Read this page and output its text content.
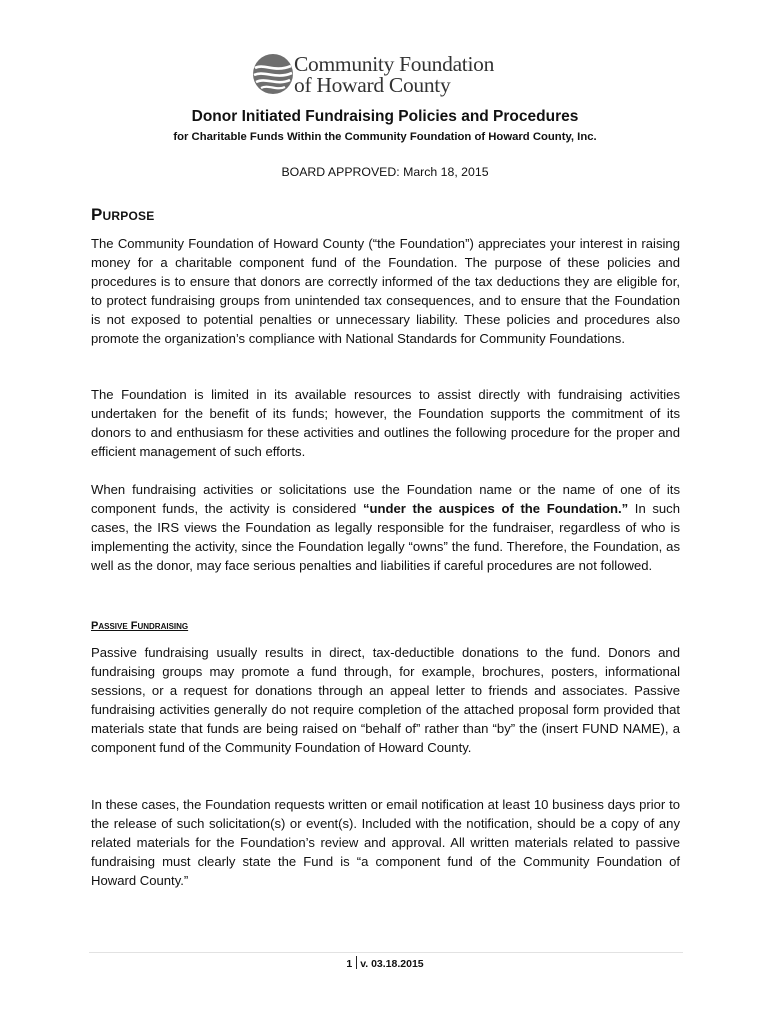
Community Foundation
of Howard County
Donor Initiated Fundraising Policies and Procedures

for Charitable Funds Within the Community Foundation of Howard County, Inc.

BOARD APPROVED: March 18, 2015

Purpose

The Community Foundation of Howard County (“the Foundation”) appreciates your interest in raising money for a charitable component fund of the Foundation. The purpose of these policies and procedures is to ensure that donors are correctly informed of the tax deductions they are eligible for, to protect fundraising groups from unintended tax consequences, and to ensure that the Foundation is not exposed to potential penalties or unnecessary liability. These policies and procedures also promote the organization’s compliance with National Standards for Community Foundations.

The Foundation is limited in its available resources to assist directly with fundraising activities undertaken for the benefit of its funds; however, the Foundation supports the commitment of its donors to and enthusiasm for these activities and outlines the following procedure for the proper and efficient management of such efforts.

When fundraising activities or solicitations use the Foundation name or the name of one of its component funds, the activity is considered “under the auspices of the Foundation.” In such cases, the IRS views the Foundation as legally responsible for the fundraiser, regardless of who is implementing the activity, since the Foundation legally “owns” the fund. Therefore, the Foundation, as well as the donor, may face serious penalties and liabilities if careful procedures are not followed.

Passive Fundraising

Passive fundraising usually results in direct, tax-deductible donations to the fund. Donors and fundraising groups may promote a fund through, for example, brochures, posters, informational sessions, or a request for donations through an appeal letter to friends and associates. Passive fundraising activities generally do not require completion of the attached proposal form provided that materials state that funds are being raised on “behalf of” rather than “by” the (insert FUND NAME), a component fund of the Community Foundation of Howard County.

In these cases, the Foundation requests written or email notification at least 10 business days prior to the release of such solicitation(s) or event(s). Included with the notification, should be a copy of any related materials for the Foundation’s review and approval. All written materials related to passive fundraising must clearly state the Fund is “a component fund of the Community Foundation of Howard County.”

1 v. 03.18.2015
